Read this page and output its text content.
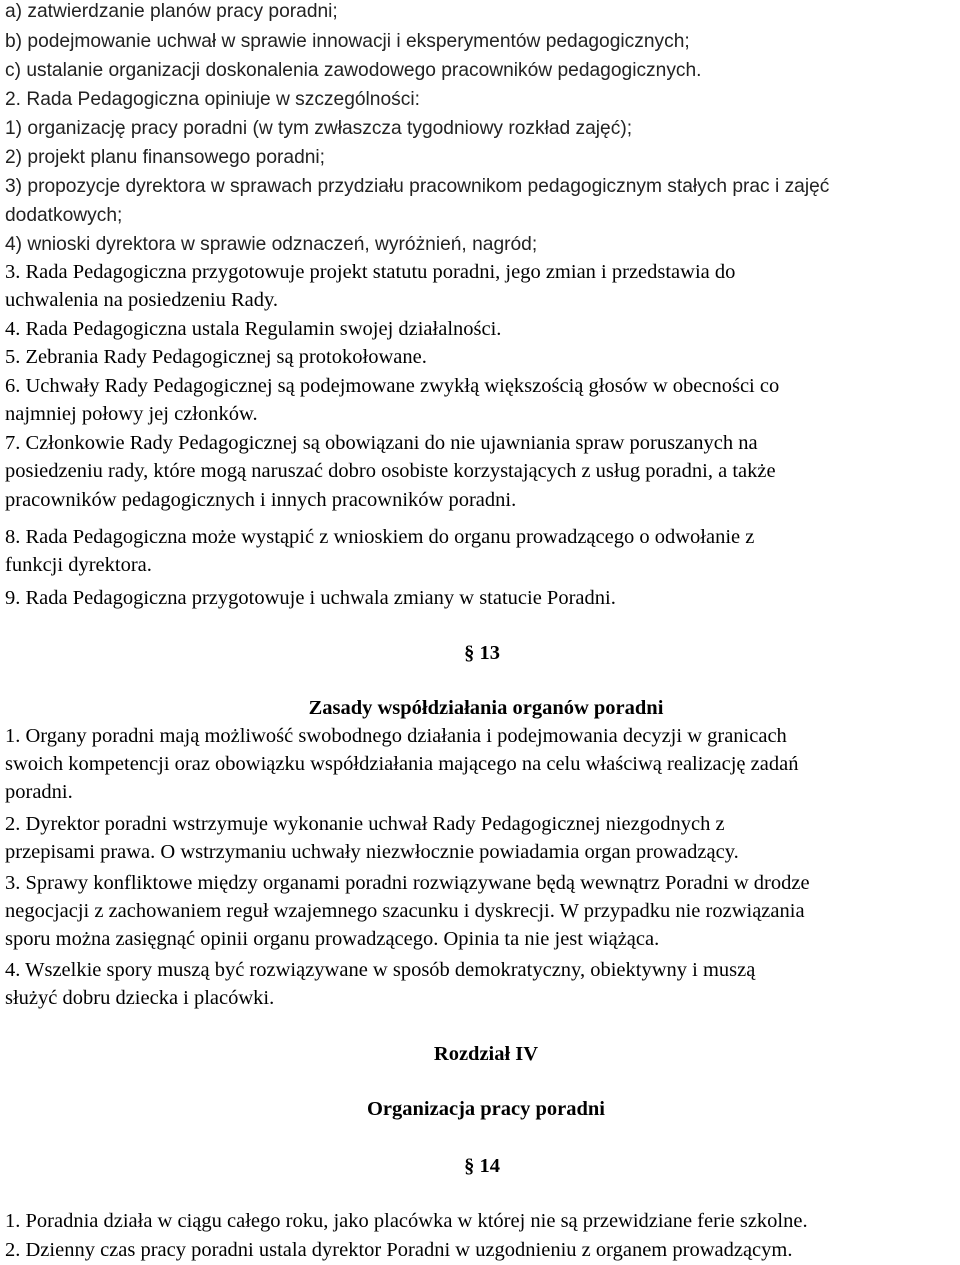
a) zatwierdzanie planów pracy poradni;

b) podejmowanie uchwał w sprawie innowacji i eksperymentów pedagogicznych;

c) ustalanie organizacji doskonalenia zawodowego pracowników pedagogicznych.

2. Rada Pedagogiczna opiniuje w szczególności:

1) organizację pracy poradni (w tym zwłaszcza tygodniowy rozkład zajęć);

2) projekt planu finansowego poradni;

3) propozycje dyrektora w sprawach przydziału pracownikom pedagogicznym stałych prac i zajęć

dodatkowych;

4) wnioski dyrektora w sprawie odznaczeń, wyróżnień, nagród;

3. Rada Pedagogiczna przygotowuje projekt statutu poradni, jego zmian i przedstawia do

uchwalenia na posiedzeniu Rady.

4. Rada Pedagogiczna ustala Regulamin swojej działalności.

5. Zebrania Rady Pedagogicznej są protokołowane.

6. Uchwały Rady Pedagogicznej są podejmowane zwykłą większością głosów w obecności co

najmniej połowy jej członków.

7. Członkowie Rady Pedagogicznej są obowiązani do nie ujawniania spraw poruszanych na

posiedzeniu rady, które mogą naruszać dobro osobiste korzystających z usług poradni, a także

pracowników pedagogicznych i innych pracowników poradni.

8. Rada Pedagogiczna może wystąpić z wnioskiem do organu prowadzącego o odwołanie z

funkcji dyrektora.

9. Rada Pedagogiczna przygotowuje i uchwala zmiany w statucie Poradni.

§ 13

Zasady współdziałania organów poradni

1. Organy poradni mają możliwość swobodnego działania i podejmowania decyzji w granicach

swoich kompetencji oraz obowiązku współdziałania mającego na celu właściwą realizację zadań

poradni.

2. Dyrektor poradni wstrzymuje wykonanie uchwał Rady Pedagogicznej niezgodnych z

przepisami prawa. O wstrzymaniu uchwały niezwłocznie powiadamia organ prowadzący.

3. Sprawy konfliktowe między organami poradni rozwiązywane będą wewnątrz Poradni w drodze

negocjacji z zachowaniem reguł wzajemnego szacunku i dyskrecji. W przypadku nie rozwiązania

sporu można zasięgnąć opinii organu prowadzącego. Opinia ta nie jest wiążąca.

4. Wszelkie spory muszą być rozwiązywane w sposób demokratyczny, obiektywny i muszą

służyć dobru dziecka i placówki.

Rozdział IV

Organizacja pracy poradni

§ 14

1. Poradnia działa w ciągu całego roku, jako placówka w której nie są przewidziane ferie szkolne.

2. Dzienny czas pracy poradni ustala dyrektor Poradni w uzgodnieniu z organem prowadzącym.
